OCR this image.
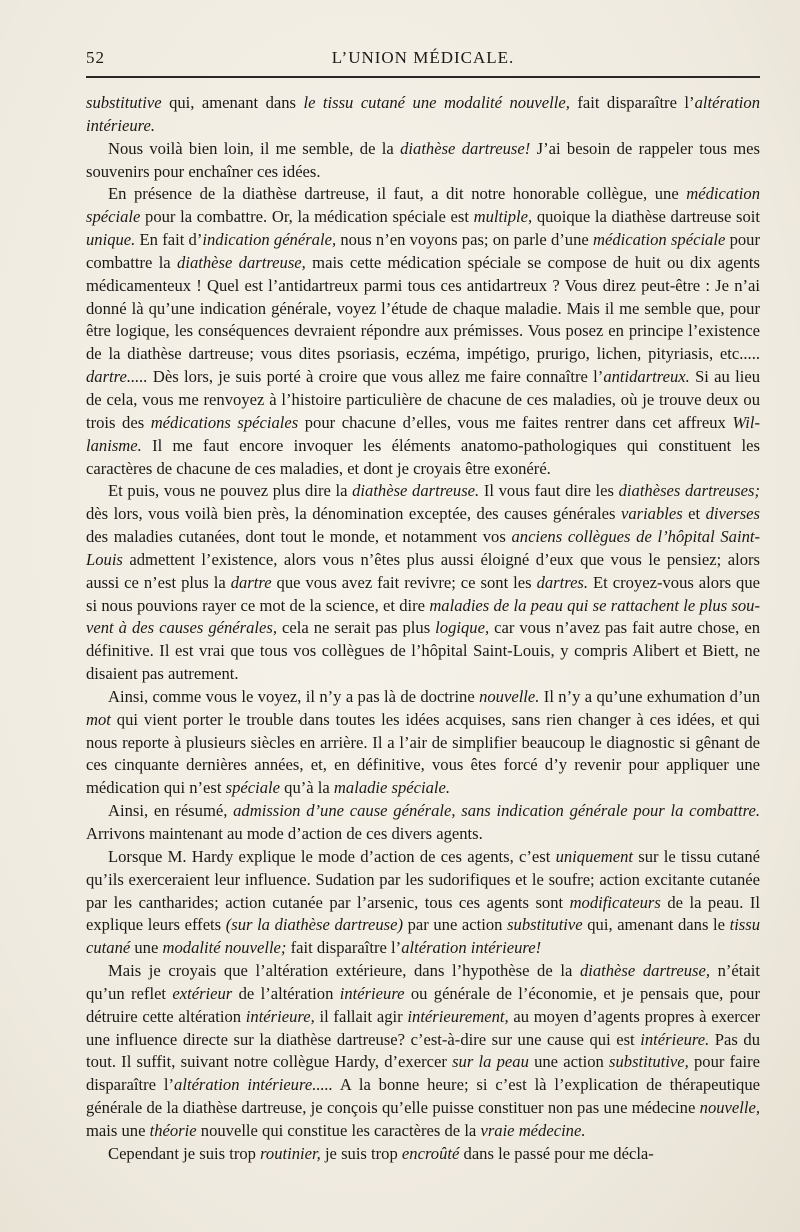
52	L’UNION MÉDICALE.

substitutive qui, amenant dans le tissu cutané une modalité nouvelle, fait disparaître l’altération intérieure.

Nous voilà bien loin, il me semble, de la diathèse dartreuse! J’ai besoin de rappeler tous mes souvenirs pour enchaîner ces idées.

En présence de la diathèse dartreuse, il faut, a dit notre honorable collègue, une médication spéciale pour la combattre. Or, la médication spéciale est multiple, quoique la diathèse dartreuse soit unique. En fait d’indication générale, nous n’en voyons pas; on parle d’une médication spéciale pour combattre la diathèse dartreuse, mais cette médication spéciale se compose de huit ou dix agents médicamenteux ! Quel est l’antidartreux parmi tous ces antidartreux ? Vous direz peut-être : Je n’ai donné là qu’une indication générale, voyez l’étude de chaque maladie. Mais il me semble que, pour être logique, les conséquences devraient répondre aux prémisses. Vous posez en principe l’existence de la diathèse dartreuse; vous dites psoriasis, eczéma, impétigo, prurigo, lichen, pityriasis, etc..... dartre..... Dès lors, je suis porté à croire que vous allez me faire connaître l’antidartreux. Si au lieu de cela, vous me renvoyez à l’histoire particulière de chacune de ces maladies, où je trouve deux ou trois des médications spéciales pour chacune d’elles, vous me faites rentrer dans cet affreux Willanisme. Il me faut encore invoquer les éléments anatomo-pathologiques qui constituent les caractères de chacune de ces maladies, et dont je croyais être exonéré.

Et puis, vous ne pouvez plus dire la diathèse dartreuse. Il vous faut dire les diathèses dartreuses; dès lors, vous voilà bien près, la dénomination exceptée, des causes générales variables et diverses des maladies cutanées, dont tout le monde, et notamment vos anciens collègues de l’hôpital Saint-Louis admettent l’existence, alors vous n’êtes plus aussi éloigné d’eux que vous le pensiez; alors aussi ce n’est plus la dartre que vous avez fait revivre; ce sont les dartres. Et croyez-vous alors que si nous pouvions rayer ce mot de la science, et dire maladies de la peau qui se rattachent le plus souvent à des causes générales, cela ne serait pas plus logique, car vous n’avez pas fait autre chose, en définitive. Il est vrai que tous vos collègues de l’hôpital Saint-Louis, y compris Alibert et Biett, ne disaient pas autrement.

Ainsi, comme vous le voyez, il n’y a pas là de doctrine nouvelle. Il n’y a qu’une exhumation d’un mot qui vient porter le trouble dans toutes les idées acquises, sans rien changer à ces idées, et qui nous reporte à plusieurs siècles en arrière. Il a l’air de simplifier beaucoup le diagnostic si gênant de ces cinquante dernières années, et, en définitive, vous êtes forcé d’y revenir pour appliquer une médication qui n’est spéciale qu’à la maladie spéciale.

Ainsi, en résumé, admission d’une cause générale, sans indication générale pour la combattre. Arrivons maintenant au mode d’action de ces divers agents.

Lorsque M. Hardy explique le mode d’action de ces agents, c’est uniquement sur le tissu cutané qu’ils exerceraient leur influence. Sudation par les sudorifiques et le soufre; action excitante cutanée par les cantharides; action cutanée par l’arsenic, tous ces agents sont modificateurs de la peau. Il explique leurs effets (sur la diathèse dartreuse) par une action substitutive qui, amenant dans le tissu cutané une modalité nouvelle; fait disparaître l’altération intérieure!

Mais je croyais que l’altération extérieure, dans l’hypothèse de la diathèse dartreuse, n’était qu’un reflet extérieur de l’altération intérieure ou générale de l’économie, et je pensais que, pour détruire cette altération intérieure, il fallait agir intérieurement, au moyen d’agents propres à exercer une influence directe sur la diathèse dartreuse? c’est-à-dire sur une cause qui est intérieure. Pas du tout. Il suffit, suivant notre collègue Hardy, d’exercer sur la peau une action substitutive, pour faire disparaître l’altération intérieure..... A la bonne heure; si c’est là l’explication de thérapeutique générale de la diathèse dartreuse, je conçois qu’elle puisse constituer non pas une médecine nouvelle, mais une théorie nouvelle qui constitue les caractères de la vraie médecine.

Cependant je suis trop routinier, je suis trop encroûté dans le passé pour me décla-
